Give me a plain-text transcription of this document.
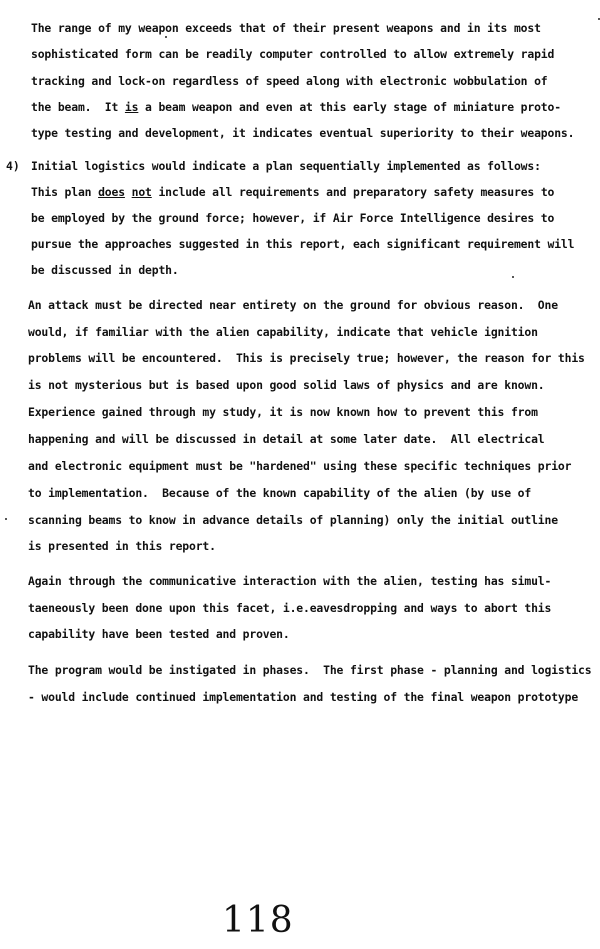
The range of my weapon exceeds that of their present weapons and in its most
sophisticated form can be readily computer controlled to allow extremely rapid
tracking and lock-on regardless of speed along with electronic wobbulation of
the beam.  It is a beam weapon and even at this early stage of miniature proto-
type testing and development, it indicates eventual superiority to their weapons.
4) Initial logistics would indicate a plan sequentially implemented as follows:
This plan does not include all requirements and preparatory safety measures to
be employed by the ground force; however, if Air Force Intelligence desires to
pursue the approaches suggested in this report, each significant requirement will
be discussed in depth.
An attack must be directed near entirety on the ground for obvious reason.  One
would, if familiar with the alien capability, indicate that vehicle ignition
problems will be encountered.  This is precisely true; however, the reason for this
is not mysterious but is based upon good solid laws of physics and are known.
Experience gained through my study, it is now known how to prevent this from
happening and will be discussed in detail at some later date.  All electrical
and electronic equipment must be "hardened" using these specific techniques prior
to implementation.  Because of the known capability of the alien (by use of
scanning beams to know in advance details of planning) only the initial outline
is presented in this report.
Again through the communicative interaction with the alien, testing has simul-
taeneously been done upon this facet, i.e.eavesdropping and ways to abort this
capability have been tested and proven.
The program would be instigated in phases.  The first phase - planning and logistics
- would include continued implementation and testing of the final weapon prototype
118
